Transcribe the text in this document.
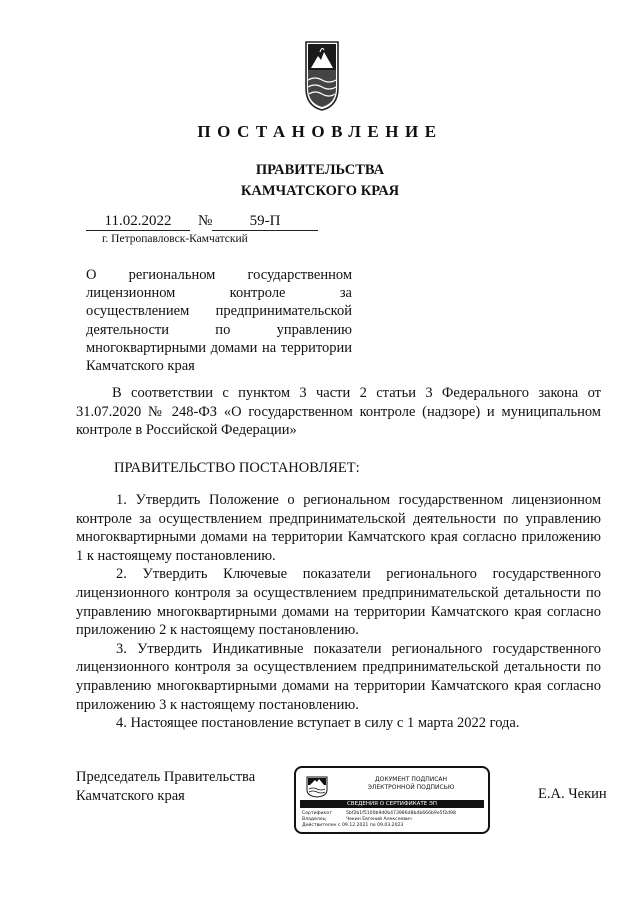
ПОСТАНОВЛЕНИЕ
ПРАВИТЕЛЬСТВА
КАМЧАТСКОГО КРАЯ
11.02.2022	№	59-П
г. Петропавловск-Камчатский
О региональном государственном лицензионном контроле за осуществлением предпринимательской деятельности по управлению многоквартирными домами на территории Камчатского края
В соответствии с пунктом 3 части 2 статьи 3 Федерального закона от 31.07.2020 № 248-ФЗ «О государственном контроле (надзоре) и муниципальном контроле в Российской Федерации»
ПРАВИТЕЛЬСТВО ПОСТАНОВЛЯЕТ:

1. Утвердить Положение о региональном государственном лицензионном контроле за осуществлением предпринимательской деятельности по управлению многоквартирными домами на территории Камчатского края согласно приложению 1 к настоящему постановлению.

2. Утвердить Ключевые показатели регионального государственного лицензионного контроля за осуществлением предпринимательской детальности по управлению многоквартирными домами на территории Камчатского края согласно приложению 2 к настоящему постановлению.

3. Утвердить Индикативные показатели регионального государственного лицензионного контроля за осуществлением предпринимательской детальности по управлению многоквартирными домами на территории Камчатского края согласно приложению 3 к настоящему постановлению.

4. Настоящее постановление вступает в силу с 1 марта 2022 года.

Председатель Правительства
Камчатского края
ДОКУМЕНТ ПОДПИСАН
ЭЛЕКТРОННОЙ ПОДПИСЬЮ
СВЕДЕНИЯ О СЕРТИФИКАТЕ ЭП
Сертификат	5bf2b1f5100b9d0b473986d8b4b666b9e5f2d98
Владелец	Чекин Евгений Алексеевич
Действителен с 09.12.2021 по 09.03.2023
Е.А. Чекин
